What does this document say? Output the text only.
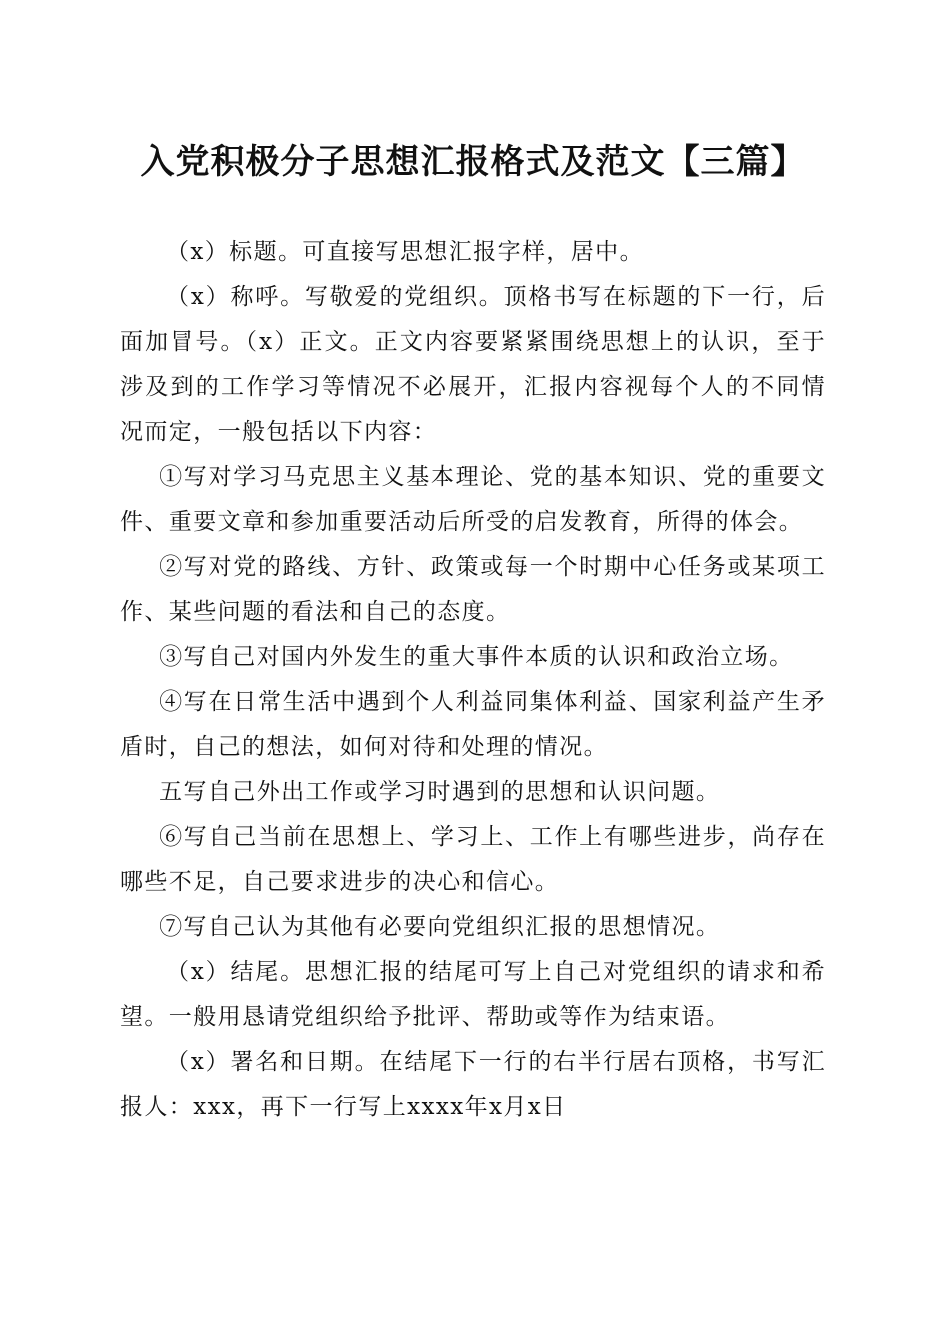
入党积极分子思想汇报格式及范文【三篇】

（x）标题。可直接写思想汇报字样，居中。

（x）称呼。写敬爱的党组织。顶格书写在标题的下一行，后面加冒号。（x）正文。正文内容要紧紧围绕思想上的认识，至于涉及到的工作学习等情况不必展开，汇报内容视每个人的不同情况而定，一般包括以下内容：

①写对学习马克思主义基本理论、党的基本知识、党的重要文件、重要文章和参加重要活动后所受的启发教育，所得的体会。

②写对党的路线、方针、政策或每一个时期中心任务或某项工作、某些问题的看法和自己的态度。

③写自己对国内外发生的重大事件本质的认识和政治立场。

④写在日常生活中遇到个人利益同集体利益、国家利益产生矛盾时，自己的想法，如何对待和处理的情况。

五写自己外出工作或学习时遇到的思想和认识问题。

⑥写自己当前在思想上、学习上、工作上有哪些进步，尚存在哪些不足，自己要求进步的决心和信心。

⑦写自己认为其他有必要向党组织汇报的思想情况。

（x）结尾。思想汇报的结尾可写上自己对党组织的请求和希望。一般用恳请党组织给予批评、帮助或等作为结束语。

（x）署名和日期。在结尾下一行的右半行居右顶格，书写汇报人：xxx，再下一行写上xxxx年x月x日
